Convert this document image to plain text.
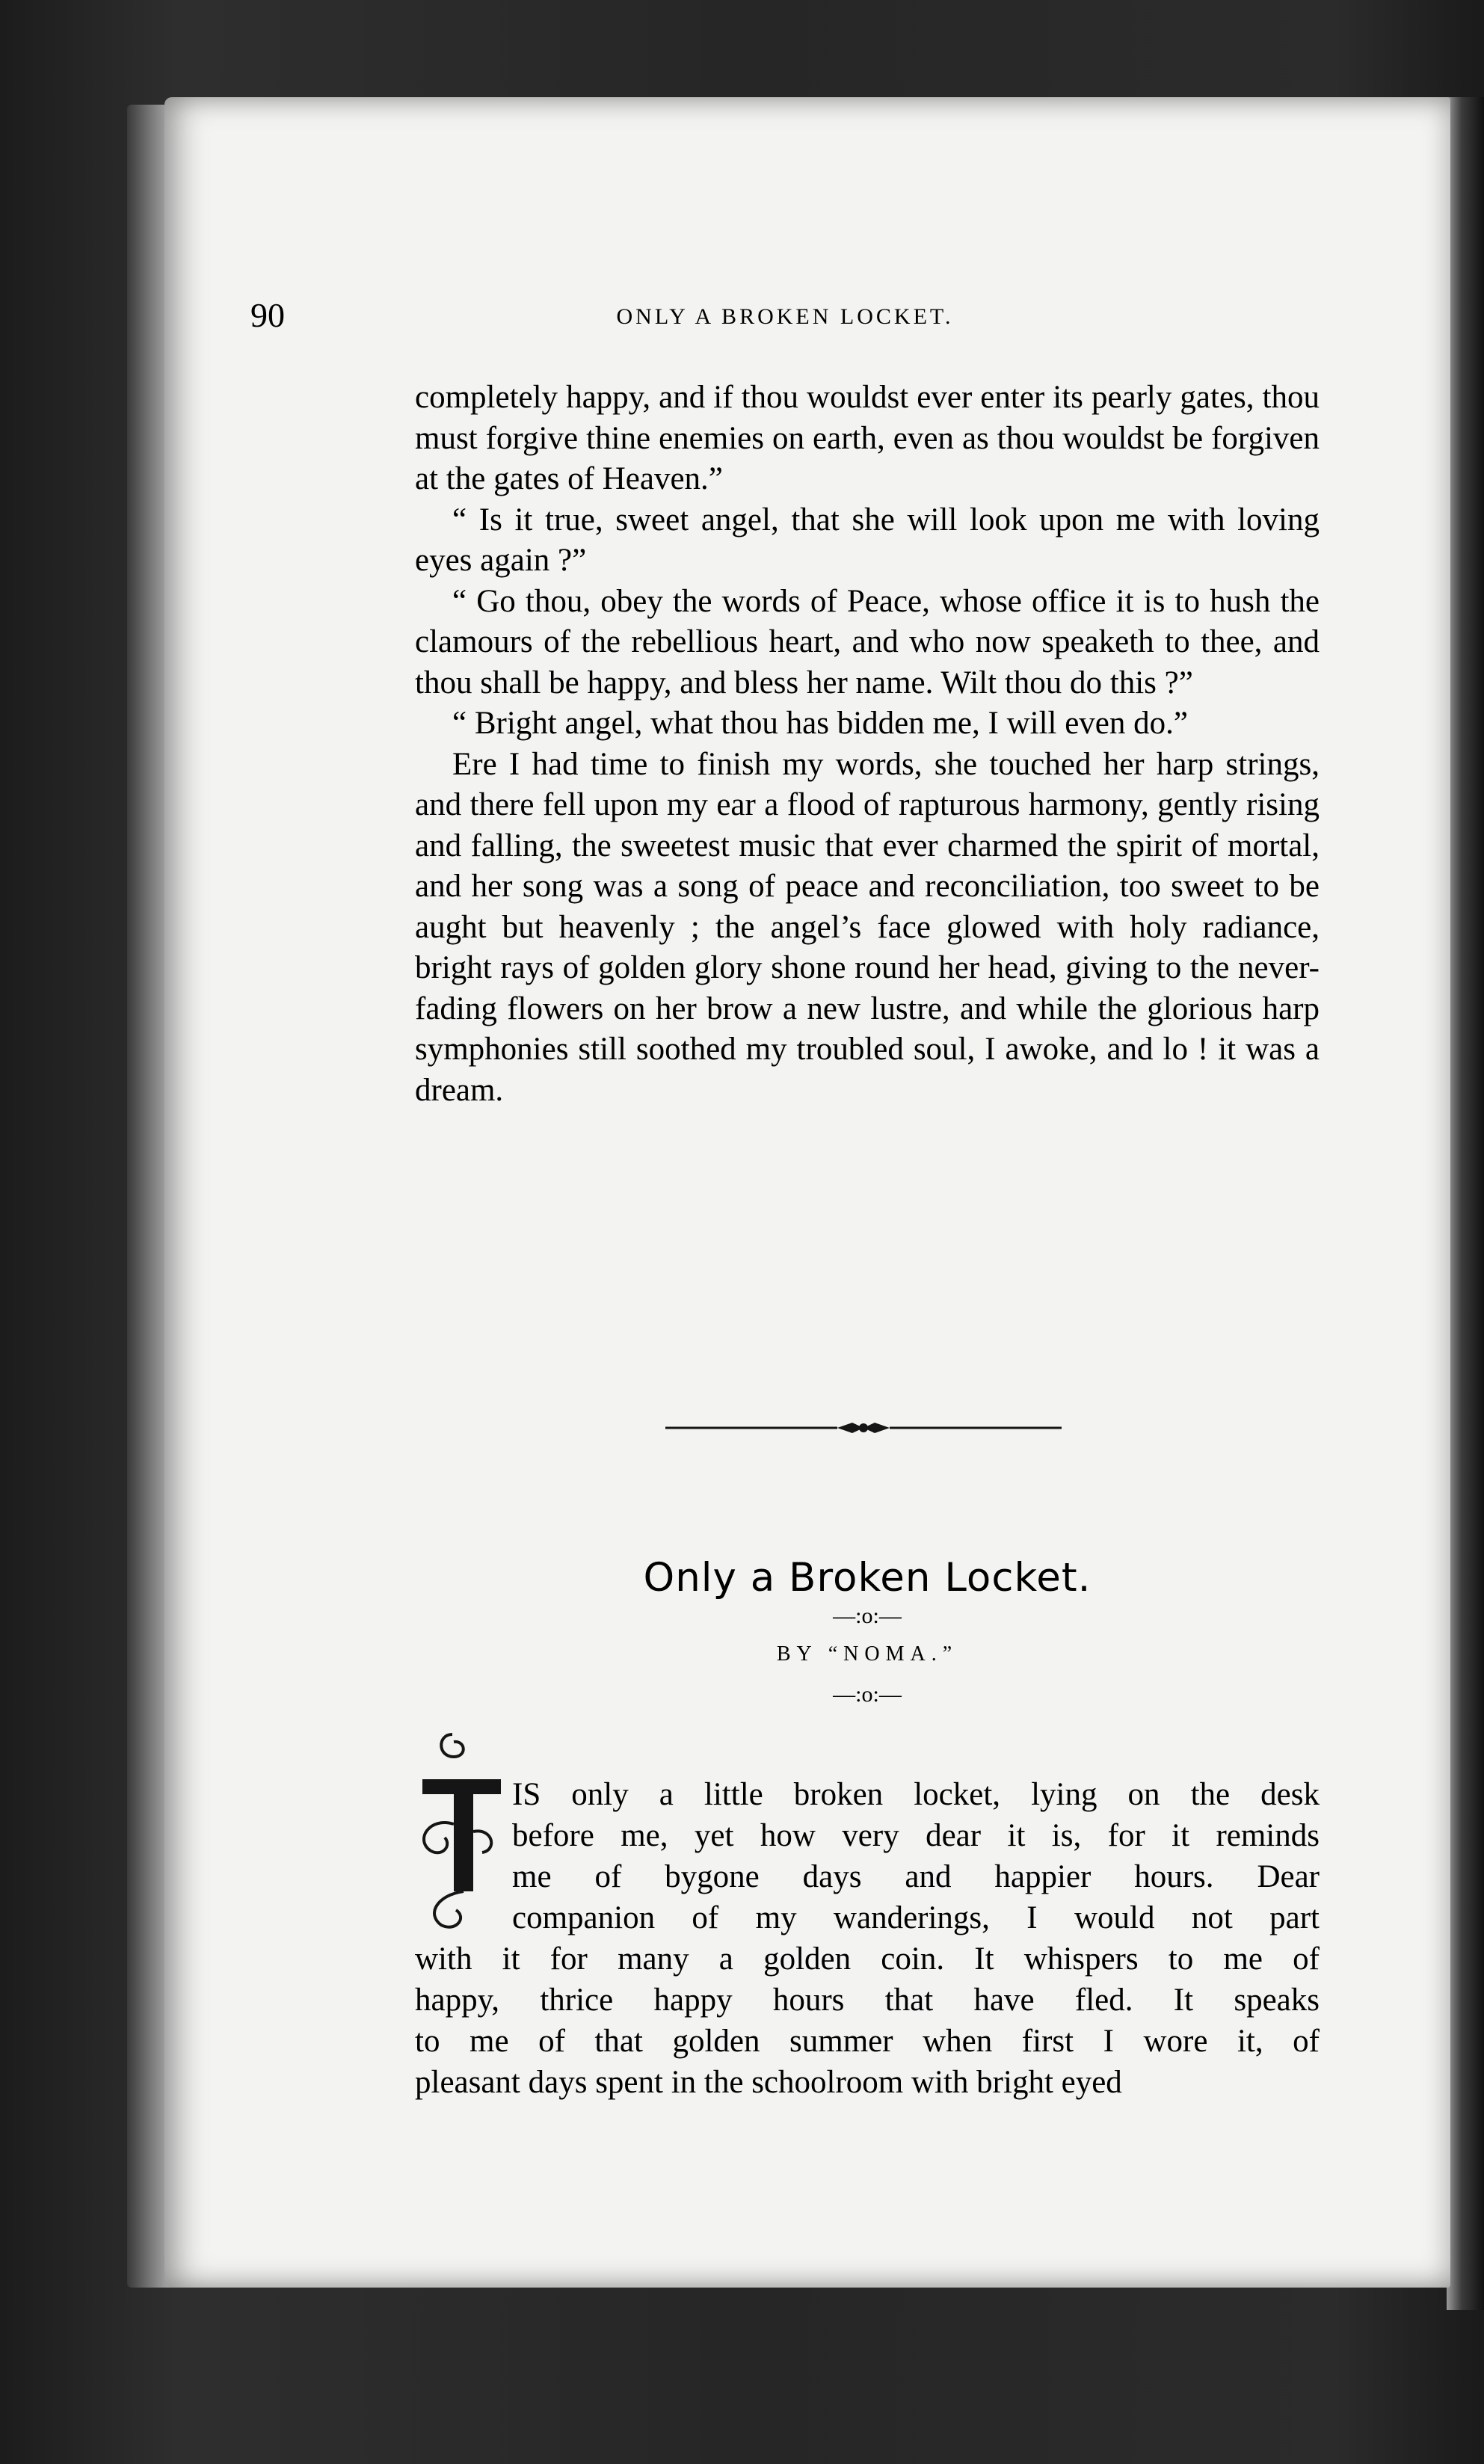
90	ONLY A BROKEN LOCKET.

completely happy, and if thou wouldst ever enter its pearly gates, thou must forgive thine enemies on earth, even as thou wouldst be forgiven at the gates of Heaven.”

“ Is it true, sweet angel, that she will look upon me with loving eyes again ?”

“ Go thou, obey the words of Peace, whose office it is to hush the clamours of the rebellious heart, and who now speaketh to thee, and thou shall be happy, and bless her name. Wilt thou do this ?”

“ Bright angel, what thou has bidden me, I will even do.”

Ere I had time to finish my words, she touched her harp strings, and there fell upon my ear a flood of rapturous harmony, gently rising and falling, the sweetest music that ever charmed the spirit of mortal, and her song was a song of peace and reconciliation, too sweet to be aught but heavenly ; the angel’s face glowed with holy radiance, bright rays of golden glory shone round her head, giving to the never-fading flowers on her brow a new lustre, and while the glorious harp symphonies still soothed my troubled soul, I awoke, and lo ! it was a dream.

Only a Broken Locket.
—:o:—
BY “NOMA.”
—:o:—
IS only a little broken locket, lying on the desk
before me, yet how very dear it is, for it reminds
me of bygone days and happier hours. Dear
companion of my wanderings, I would not part
with it for many a golden coin. It whispers to me of
happy, thrice happy hours that have fled. It speaks
to me of that golden summer when first I wore it, of
pleasant days spent in the schoolroom with bright eyed
